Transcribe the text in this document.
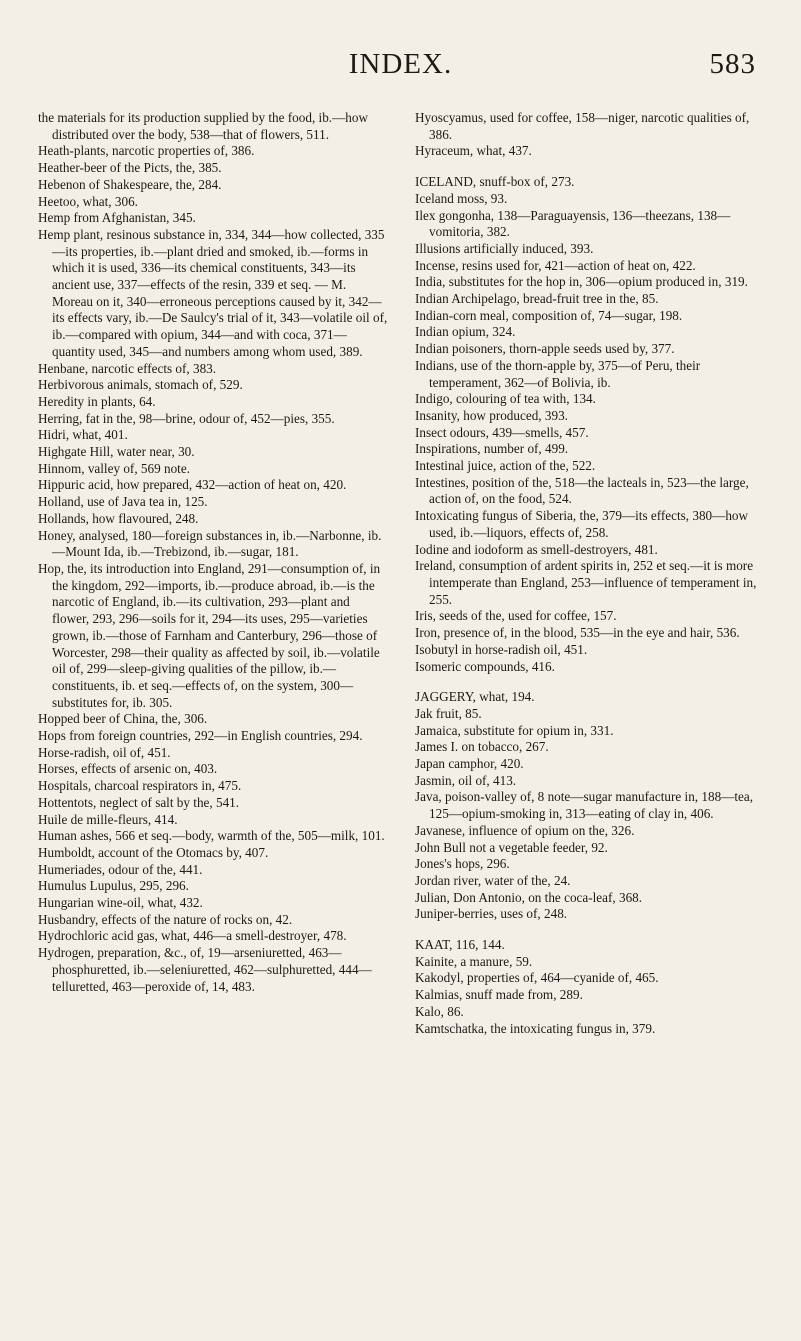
INDEX.	583

the materials for its production supplied by the food, ib.—how distributed over the body, 538—that of flowers, 511.

Heath-plants, narcotic properties of, 386.

Heather-beer of the Picts, the, 385.

Hebenon of Shakespeare, the, 284.

Heetoo, what, 306.

Hemp from Afghanistan, 345.

Hemp plant, resinous substance in, 334, 344—how collected, 335—its properties, ib.—plant dried and smoked, ib.—forms in which it is used, 336—its chemical constituents, 343—its ancient use, 337—effects of the resin, 339 et seq. — M. Moreau on it, 340—erroneous perceptions caused by it, 342—its effects vary, ib.—De Saulcy's trial of it, 343—volatile oil of, ib.—compared with opium, 344—and with coca, 371—quantity used, 345—and numbers among whom used, 389.

Henbane, narcotic effects of, 383.

Herbivorous animals, stomach of, 529.

Heredity in plants, 64.

Herring, fat in the, 98—brine, odour of, 452—pies, 355.

Hidri, what, 401.

Highgate Hill, water near, 30.

Hinnom, valley of, 569 note.

Hippuric acid, how prepared, 432—action of heat on, 420.

Holland, use of Java tea in, 125.

Hollands, how flavoured, 248.

Honey, analysed, 180—foreign substances in, ib.—Narbonne, ib.—Mount Ida, ib.—Trebizond, ib.—sugar, 181.

Hop, the, its introduction into England, 291—consumption of, in the kingdom, 292—imports, ib.—produce abroad, ib.—is the narcotic of England, ib.—its cultivation, 293—plant and flower, 293, 296—soils for it, 294—its uses, 295—varieties grown, ib.—those of Farnham and Canterbury, 296—those of Worcester, 298—their quality as affected by soil, ib.—volatile oil of, 299—sleep-giving qualities of the pillow, ib.—constituents, ib. et seq.—effects of, on the system, 300—substitutes for, ib. 305.

Hopped beer of China, the, 306.

Hops from foreign countries, 292—in English countries, 294.

Horse-radish, oil of, 451.

Horses, effects of arsenic on, 403.

Hospitals, charcoal respirators in, 475.

Hottentots, neglect of salt by the, 541.

Huile de mille-fleurs, 414.

Human ashes, 566 et seq.—body, warmth of the, 505—milk, 101.

Humboldt, account of the Otomacs by, 407.

Humeriades, odour of the, 441.

Humulus Lupulus, 295, 296.

Hungarian wine-oil, what, 432.

Husbandry, effects of the nature of rocks on, 42.

Hydrochloric acid gas, what, 446—a smell-destroyer, 478.

Hydrogen, preparation, &c., of, 19—arseniuretted, 463—phosphuretted, ib.—seleniuretted, 462—sulphuretted, 444—telluretted, 463—peroxide of, 14, 483.

Hyoscyamus, used for coffee, 158—niger, narcotic qualities of, 386.

Hyraceum, what, 437.

ICELAND, snuff-box of, 273.

Iceland moss, 93.

Ilex gongonha, 138—Paraguayensis, 136—theezans, 138—vomitoria, 382.

Illusions artificially induced, 393.

Incense, resins used for, 421—action of heat on, 422.

India, substitutes for the hop in, 306—opium produced in, 319.

Indian Archipelago, bread-fruit tree in the, 85.

Indian-corn meal, composition of, 74—sugar, 198.

Indian opium, 324.

Indian poisoners, thorn-apple seeds used by, 377.

Indians, use of the thorn-apple by, 375—of Peru, their temperament, 362—of Bolivia, ib.

Indigo, colouring of tea with, 134.

Insanity, how produced, 393.

Insect odours, 439—smells, 457.

Inspirations, number of, 499.

Intestinal juice, action of the, 522.

Intestines, position of the, 518—the lacteals in, 523—the large, action of, on the food, 524.

Intoxicating fungus of Siberia, the, 379—its effects, 380—how used, ib.—liquors, effects of, 258.

Iodine and iodoform as smell-destroyers, 481.

Ireland, consumption of ardent spirits in, 252 et seq.—it is more intemperate than England, 253—influence of temperament in, 255.

Iris, seeds of the, used for coffee, 157.

Iron, presence of, in the blood, 535—in the eye and hair, 536.

Isobutyl in horse-radish oil, 451.

Isomeric compounds, 416.

JAGGERY, what, 194.

Jak fruit, 85.

Jamaica, substitute for opium in, 331.

James I. on tobacco, 267.

Japan camphor, 420.

Jasmin, oil of, 413.

Java, poison-valley of, 8 note—sugar manufacture in, 188—tea, 125—opium-smoking in, 313—eating of clay in, 406.

Javanese, influence of opium on the, 326.

John Bull not a vegetable feeder, 92.

Jones's hops, 296.

Jordan river, water of the, 24.

Julian, Don Antonio, on the coca-leaf, 368.

Juniper-berries, uses of, 248.

KAAT, 116, 144.

Kainite, a manure, 59.

Kakodyl, properties of, 464—cyanide of, 465.

Kalmias, snuff made from, 289.

Kalo, 86.

Kamtschatka, the intoxicating fungus in, 379.
